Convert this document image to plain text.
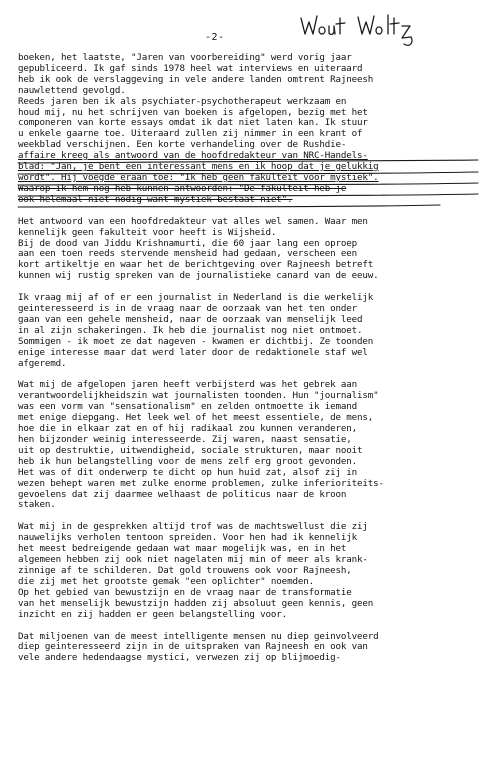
-2-
boeken, het laatste, "Jaren van voorbereiding" werd vorig jaar
gepubliceerd. Ik gaf sinds 1978 heel wat interviews en uiteraard
heb ik ook de verslaggeving in vele andere landen omtrent Rajneesh
nauwlettend gevolgd.
Reeds jaren ben ik als psychiater-psychotherapeut werkzaam en
houd mij, nu het schrijven van boeken is afgelopen, bezig met het
componeren van korte essays omdat ik dat niet laten kan. Ik stuur
u enkele gaarne toe. Uiteraard zullen zij nimmer in een krant of
weekblad verschijnen. Een korte verhandeling over de Rushdie-
affaire kreeg als antwoord van de hoofdredakteur van NRC-Handels-
blad: "Jan, je bent een interessant mens en ik hoop dat je gelukkig
wordt". Hij voegde eraan toe: "Ik heb geen fakulteit voor mystiek".
Waarop ik hem nog heb kunnen antwoorden: "De fakulteit heb je
ook helemaal niet nodig want mystiek bestaat niet".
Het antwoord van een hoofdredakteur vat alles wel samen. Waar men
kennelijk geen fakulteit voor heeft is Wijsheid.
Bij de dood van Jiddu Krishnamurti, die 60 jaar lang een oproep
aan een toen reeds stervende mensheid had gedaan, verscheen een
kort artikeltje en waar het de berichtgeving over Rajneesh betreft
kunnen wij rustig spreken van de journalistieke canard van de eeuw.
Ik vraag mij af of er een journalist in Nederland is die werkelijk
geinteresseerd is in de vraag naar de oorzaak van het ten onder
gaan van een gehele mensheid, naar de oorzaak van menselijk leed
in al zijn schakeringen. Ik heb die journalist nog niet ontmoet.
Sommigen - ik moet ze dat nageven - kwamen er dichtbij. Ze toonden
enige interesse maar dat werd later door de redaktionele staf wel
afgeremd.
Wat mij de afgelopen jaren heeft verbijsterd was het gebrek aan
verantwoordelijkheidszin wat journalisten toonden. Hun "journalism"
was een vorm van "sensationalism" en zelden ontmoette ik iemand
met enige diepgang. Het leek wel of het meest essentiele, de mens,
hoe die in elkaar zat en of hij radikaal zou kunnen veranderen,
hen bijzonder weinig interesseerde. Zij waren, naast sensatie,
uit op destruktie, uitwendigheid, sociale strukturen, maar nooit
heb ik hun belangstelling voor de mens zelf erg groot gevonden.
Het was of dit onderwerp te dicht op hun huid zat, alsof zij in
wezen behept waren met zulke enorme problemen, zulke inferioriteits-
gevoelens dat zij daarmee welhaast de politicus naar de kroon
staken.
Wat mij in de gesprekken altijd trof was de machtswellust die zij
nauwelijks verholen tentoon spreiden. Voor hen had ik kennelijk
het meest bedreigende gedaan wat maar mogelijk was, en in het
algemeen hebben zij ook niet nagelaten mij min of meer als krank-
zinnige af te schilderen. Dat gold trouwens ook voor Rajneesh,
die zij met het grootste gemak "een oplichter" noemden.
Op het gebied van bewustzijn en de vraag naar de transformatie
van het menselijk bewustzijn hadden zij absoluut geen kennis, geen
inzicht en zij hadden er geen belangstelling voor.
Dat miljoenen van de meest intelligente mensen nu diep geinvolveerd
diep geinteresseerd zijn in de uitspraken van Rajneesh en ook van
vele andere hedendaagse mystici, verwezen zij op blijmoedig-
